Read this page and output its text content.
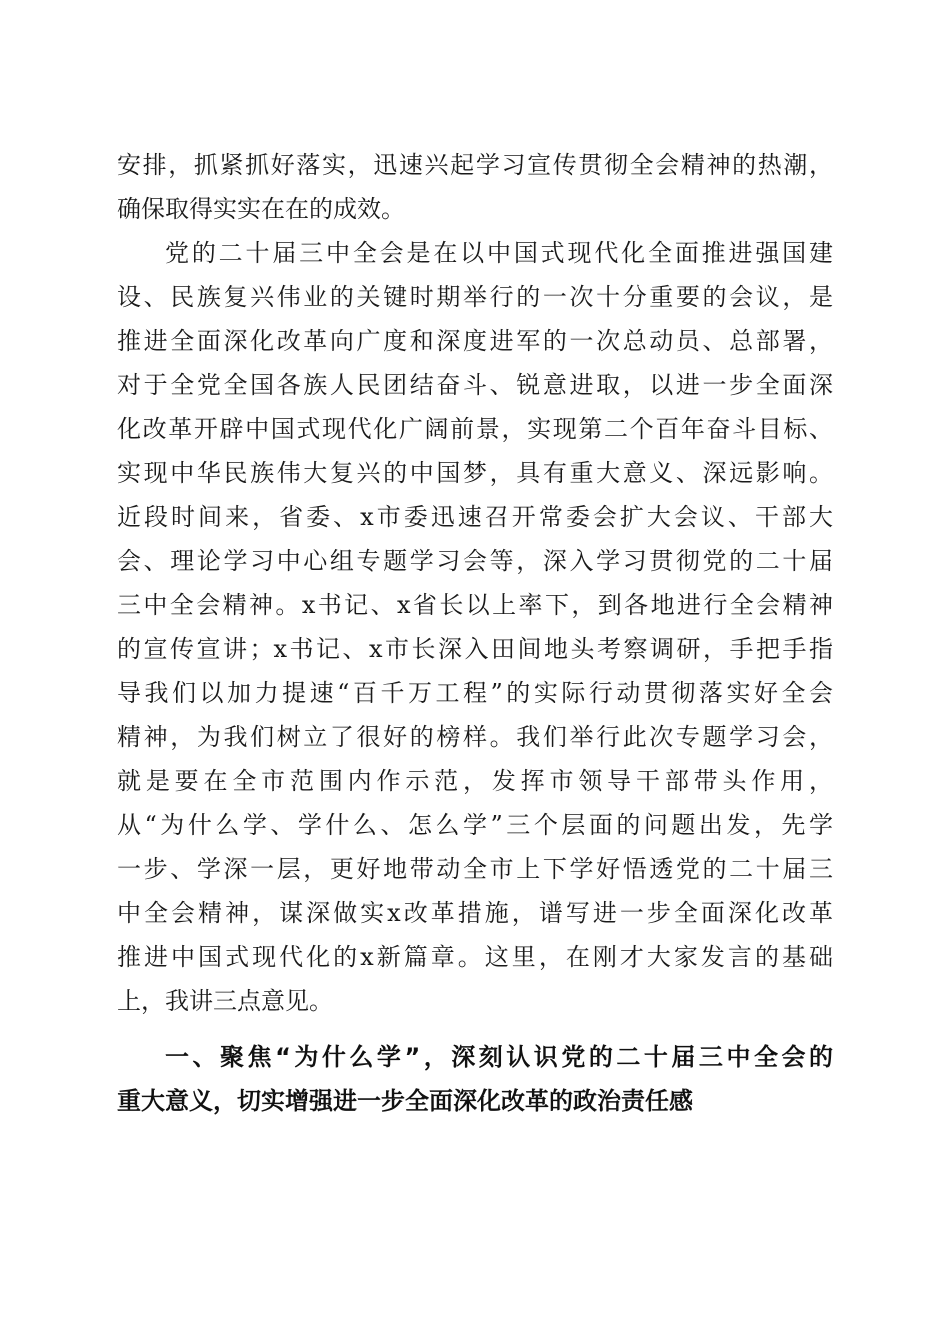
安排，抓紧抓好落实，迅速兴起学习宣传贯彻全会精神的热潮，
确保取得实实在在的成效。
党的二十届三中全会是在以中国式现代化全面推进强国建
设、民族复兴伟业的关键时期举行的一次十分重要的会议，是
推进全面深化改革向广度和深度进军的一次总动员、总部署，
对于全党全国各族人民团结奋斗、锐意进取，以进一步全面深
化改革开辟中国式现代化广阔前景，实现第二个百年奋斗目标、
实现中华民族伟大复兴的中国梦，具有重大意义、深远影响。
近段时间来，省委、x市委迅速召开常委会扩大会议、干部大
会、理论学习中心组专题学习会等，深入学习贯彻党的二十届
三中全会精神。x书记、x省长以上率下，到各地进行全会精神
的宣传宣讲；x书记、x市长深入田间地头考察调研，手把手指
导我们以加力提速“百千万工程”的实际行动贯彻落实好全会
精神，为我们树立了很好的榜样。我们举行此次专题学习会，
就是要在全市范围内作示范，发挥市领导干部带头作用，
从“为什么学、学什么、怎么学”三个层面的问题出发，先学
一步、学深一层，更好地带动全市上下学好悟透党的二十届三
中全会精神，谋深做实x改革措施，谱写进一步全面深化改革
推进中国式现代化的x新篇章。这里，在刚才大家发言的基础
上，我讲三点意见。
一、聚焦“为什么学”，深刻认识党的二十届三中全会的
重大意义，切实增强进一步全面深化改革的政治责任感
